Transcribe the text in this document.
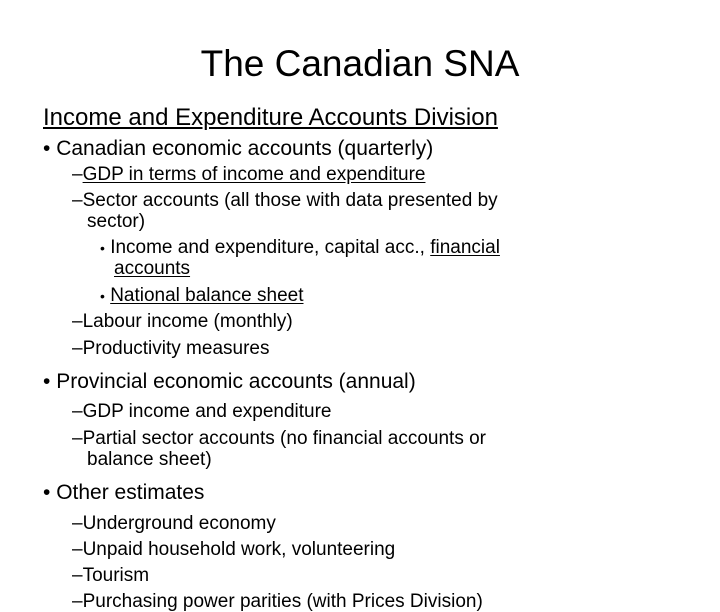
The Canadian SNA
Income and Expenditure Accounts Division
• Canadian economic accounts (quarterly)
–GDP in terms of income and expenditure
–Sector accounts (all those with data presented by
sector)
• Income and expenditure, capital acc., financial
accounts
• National balance sheet
–Labour income (monthly)
–Productivity measures
• Provincial economic accounts (annual)
–GDP income and expenditure
–Partial sector accounts (no financial accounts or
balance sheet)
• Other estimates
–Underground economy
–Unpaid household work, volunteering
–Tourism
–Purchasing power parities (with Prices Division)
